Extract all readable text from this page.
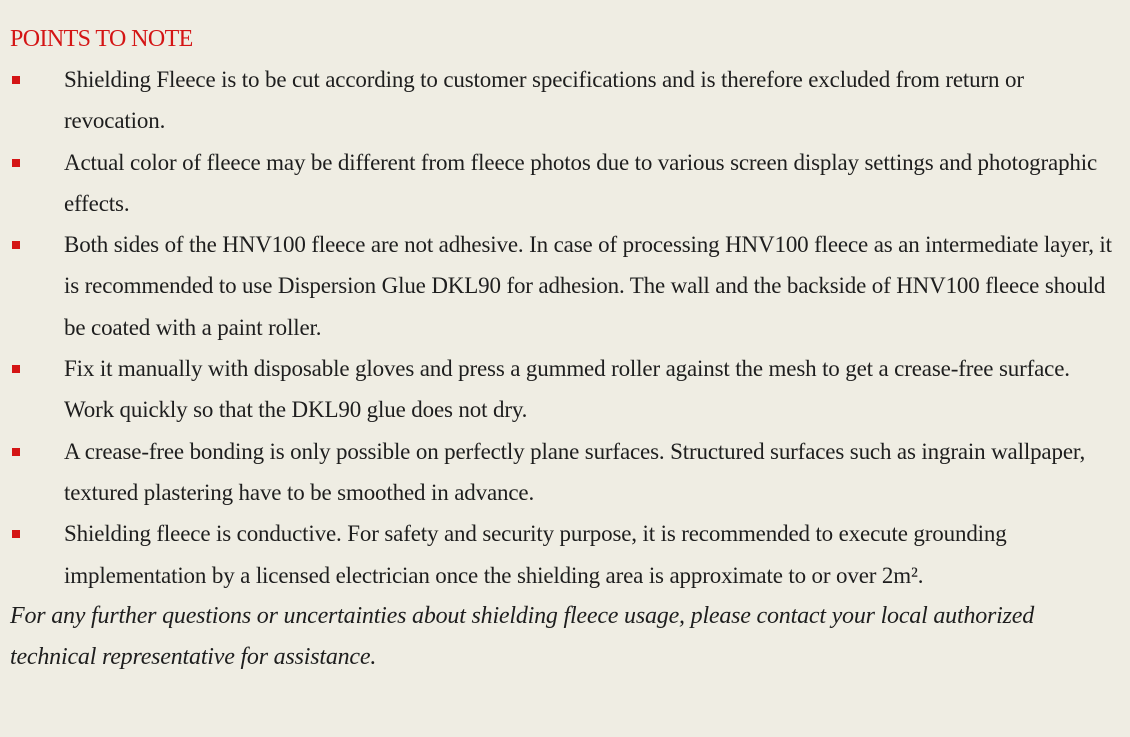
POINTS TO NOTE
Shielding Fleece is to be cut according to customer specifications and is therefore excluded from return or revocation.
Actual color of fleece may be different from fleece photos due to various screen display settings and photographic effects.
Both sides of the HNV100 fleece are not adhesive. In case of processing HNV100 fleece as an intermediate layer, it is recommended to use Dispersion Glue DKL90 for adhesion. The wall and the backside of HNV100 fleece should be coated with a paint roller.
Fix it manually with disposable gloves and press a gummed roller against the mesh to get a crease-free surface. Work quickly so that the DKL90 glue does not dry.
A crease-free bonding is only possible on perfectly plane surfaces. Structured surfaces such as ingrain wallpaper, textured plastering have to be smoothed in advance.
Shielding fleece is conductive. For safety and security purpose, it is recommended to execute grounding implementation by a licensed electrician once the shielding area is approximate to or over 2m².

For any further questions or uncertainties about shielding fleece usage, please contact your local authorized technical representative for assistance.
